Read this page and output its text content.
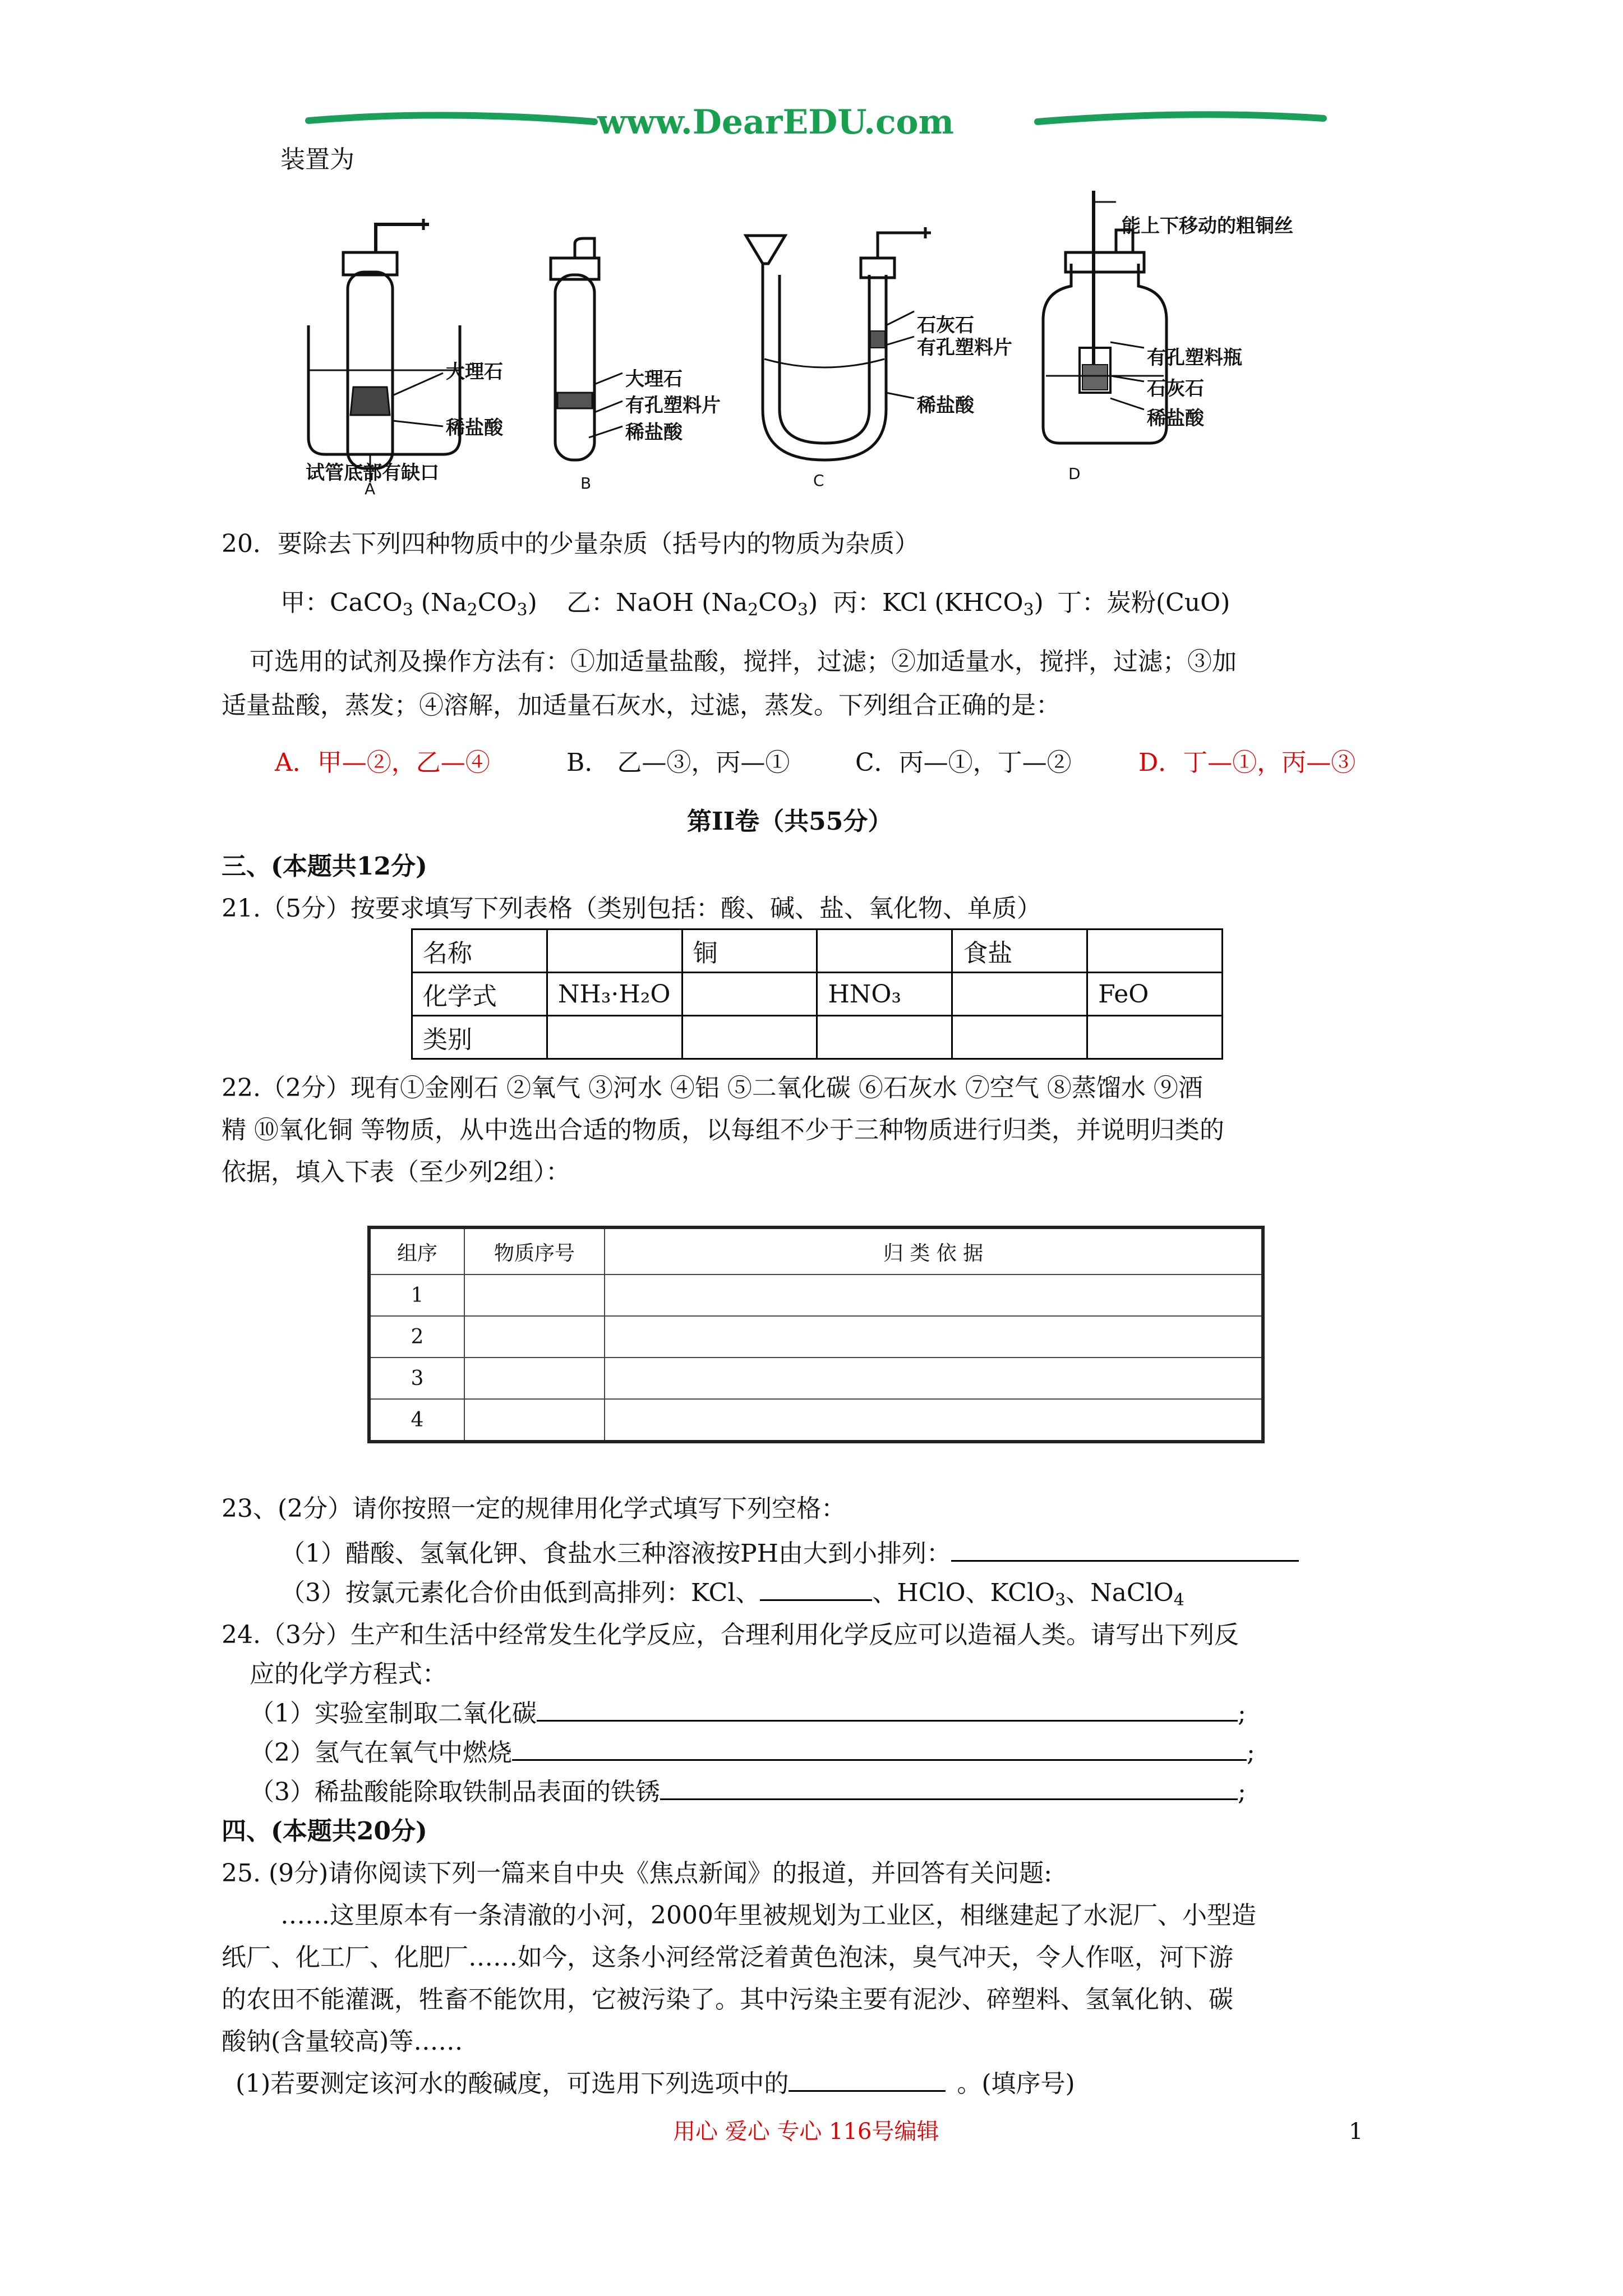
www.DearEDU.com
装置为
大理石
稀盐酸
试管底部有缺口
A
大理石
有孔塑料片
稀盐酸
B
石灰石
有孔塑料片
稀盐酸
C
能上下移动的粗铜丝
有孔塑料瓶
石灰石
稀盐酸
D
20．要除去下列四种物质中的少量杂质（括号内的物质为杂质）
甲：CaCO$_3$ $(Na_2CO_3)$ 乙：NaOH $(Na_2CO_3)$ 丙：KCl $(KHCO_3)$ 丁：炭粉(CuO)
可选用的试剂及操作方法有：①加适量盐酸，搅拌，过滤；②加适量水，搅拌，过滤；③加
适量盐酸，蒸发；④溶解，加适量石灰水，过滤，蒸发。下列组合正确的是：
A．甲—②，乙—④	B． 乙—③，丙—①	C．丙—①，丁—②	D．丁—①，丙—③
第II卷（共55分）
三、(本题共12分)
21.（5分）按要求填写下列表格（类别包括：酸、碱、盐、氧化物、单质）
名称		铜		食盐	
化学式	NH₃·H₂O		HNO₃		FeO
类别					
22.（2分）现有①金刚石 ②氧气 ③河水 ④铝 ⑤二氧化碳 ⑥石灰水 ⑦空气 ⑧蒸馏水 ⑨酒
精 ⑩氧化铜 等物质，从中选出合适的物质，以每组不少于三种物质进行归类，并说明归类的
依据，填入下表（至少列2组）：
组序	物质序号	归 类 依 据
1		
2		
3		
4		
23、(2分）请你按照一定的规律用化学式填写下列空格：
（1）醋酸、氢氧化钾、食盐水三种溶液按PH由大到小排列：
（3）按氯元素化合价由低到高排列：KCl、	、HClO、KClO$_3$、NaClO$_4$
24.（3分）生产和生活中经常发生化学反应，合理利用化学反应可以造福人类。请写出下列反
应的化学方程式：
（1）实验室制取二氧化碳	;
（2）氢气在氧气中燃烧	;
（3）稀盐酸能除取铁制品表面的铁锈	;
四、(本题共20分)
25. (9分)请你阅读下列一篇来自中央《焦点新闻》的报道，并回答有关问题:
……这里原本有一条清澈的小河，2000年里被规划为工业区，相继建起了水泥厂、小型造
纸厂、化工厂、化肥厂……如今，这条小河经常泛着黄色泡沫，臭气冲天，令人作呕，河下游
的农田不能灌溉，牲畜不能饮用，它被污染了。其中污染主要有泥沙、碎塑料、氢氧化钠、碳
酸钠(含量较高)等……
(1)若要测定该河水的酸碱度，可选用下列选项中的	。(填序号)
用心 爱心 专心 116号编辑	1
